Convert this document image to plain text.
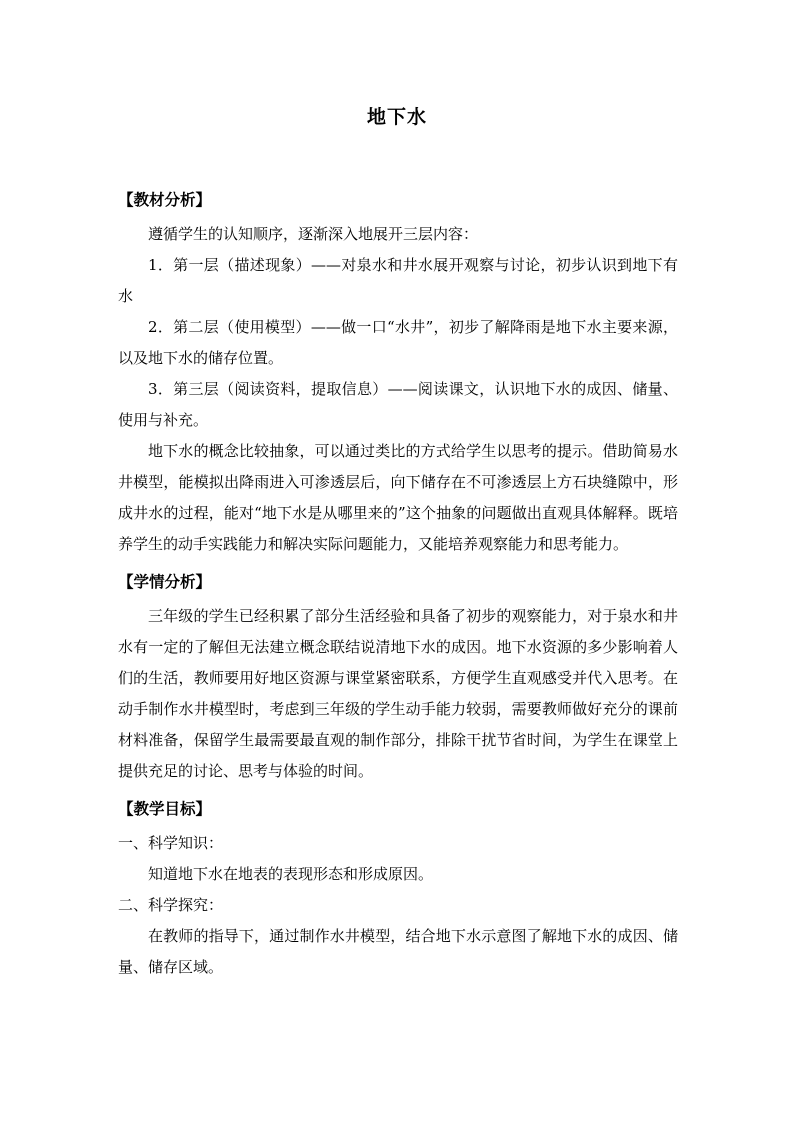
地下水
【教材分析】

遵循学生的认知顺序，逐渐深入地展开三层内容：

1．第一层（描述现象）——对泉水和井水展开观察与讨论，初步认识到地下有水

2．第二层（使用模型）——做一口“水井”，初步了解降雨是地下水主要来源，以及地下水的储存位置。

3．第三层（阅读资料，提取信息）——阅读课文，认识地下水的成因、储量、使用与补充。

地下水的概念比较抽象，可以通过类比的方式给学生以思考的提示。借助简易水井模型，能模拟出降雨进入可渗透层后，向下储存在不可渗透层上方石块缝隙中，形成井水的过程，能对“地下水是从哪里来的”这个抽象的问题做出直观具体解释。既培养学生的动手实践能力和解决实际问题能力，又能培养观察能力和思考能力。

【学情分析】

三年级的学生已经积累了部分生活经验和具备了初步的观察能力，对于泉水和井水有一定的了解但无法建立概念联结说清地下水的成因。地下水资源的多少影响着人们的生活，教师要用好地区资源与课堂紧密联系，方便学生直观感受并代入思考。在动手制作水井模型时，考虑到三年级的学生动手能力较弱，需要教师做好充分的课前材料准备，保留学生最需要最直观的制作部分，排除干扰节省时间，为学生在课堂上提供充足的讨论、思考与体验的时间。

【教学目标】
一、科学知识：

知道地下水在地表的表现形态和形成原因。

二、科学探究：

在教师的指导下，通过制作水井模型，结合地下水示意图了解地下水的成因、储量、储存区域。
